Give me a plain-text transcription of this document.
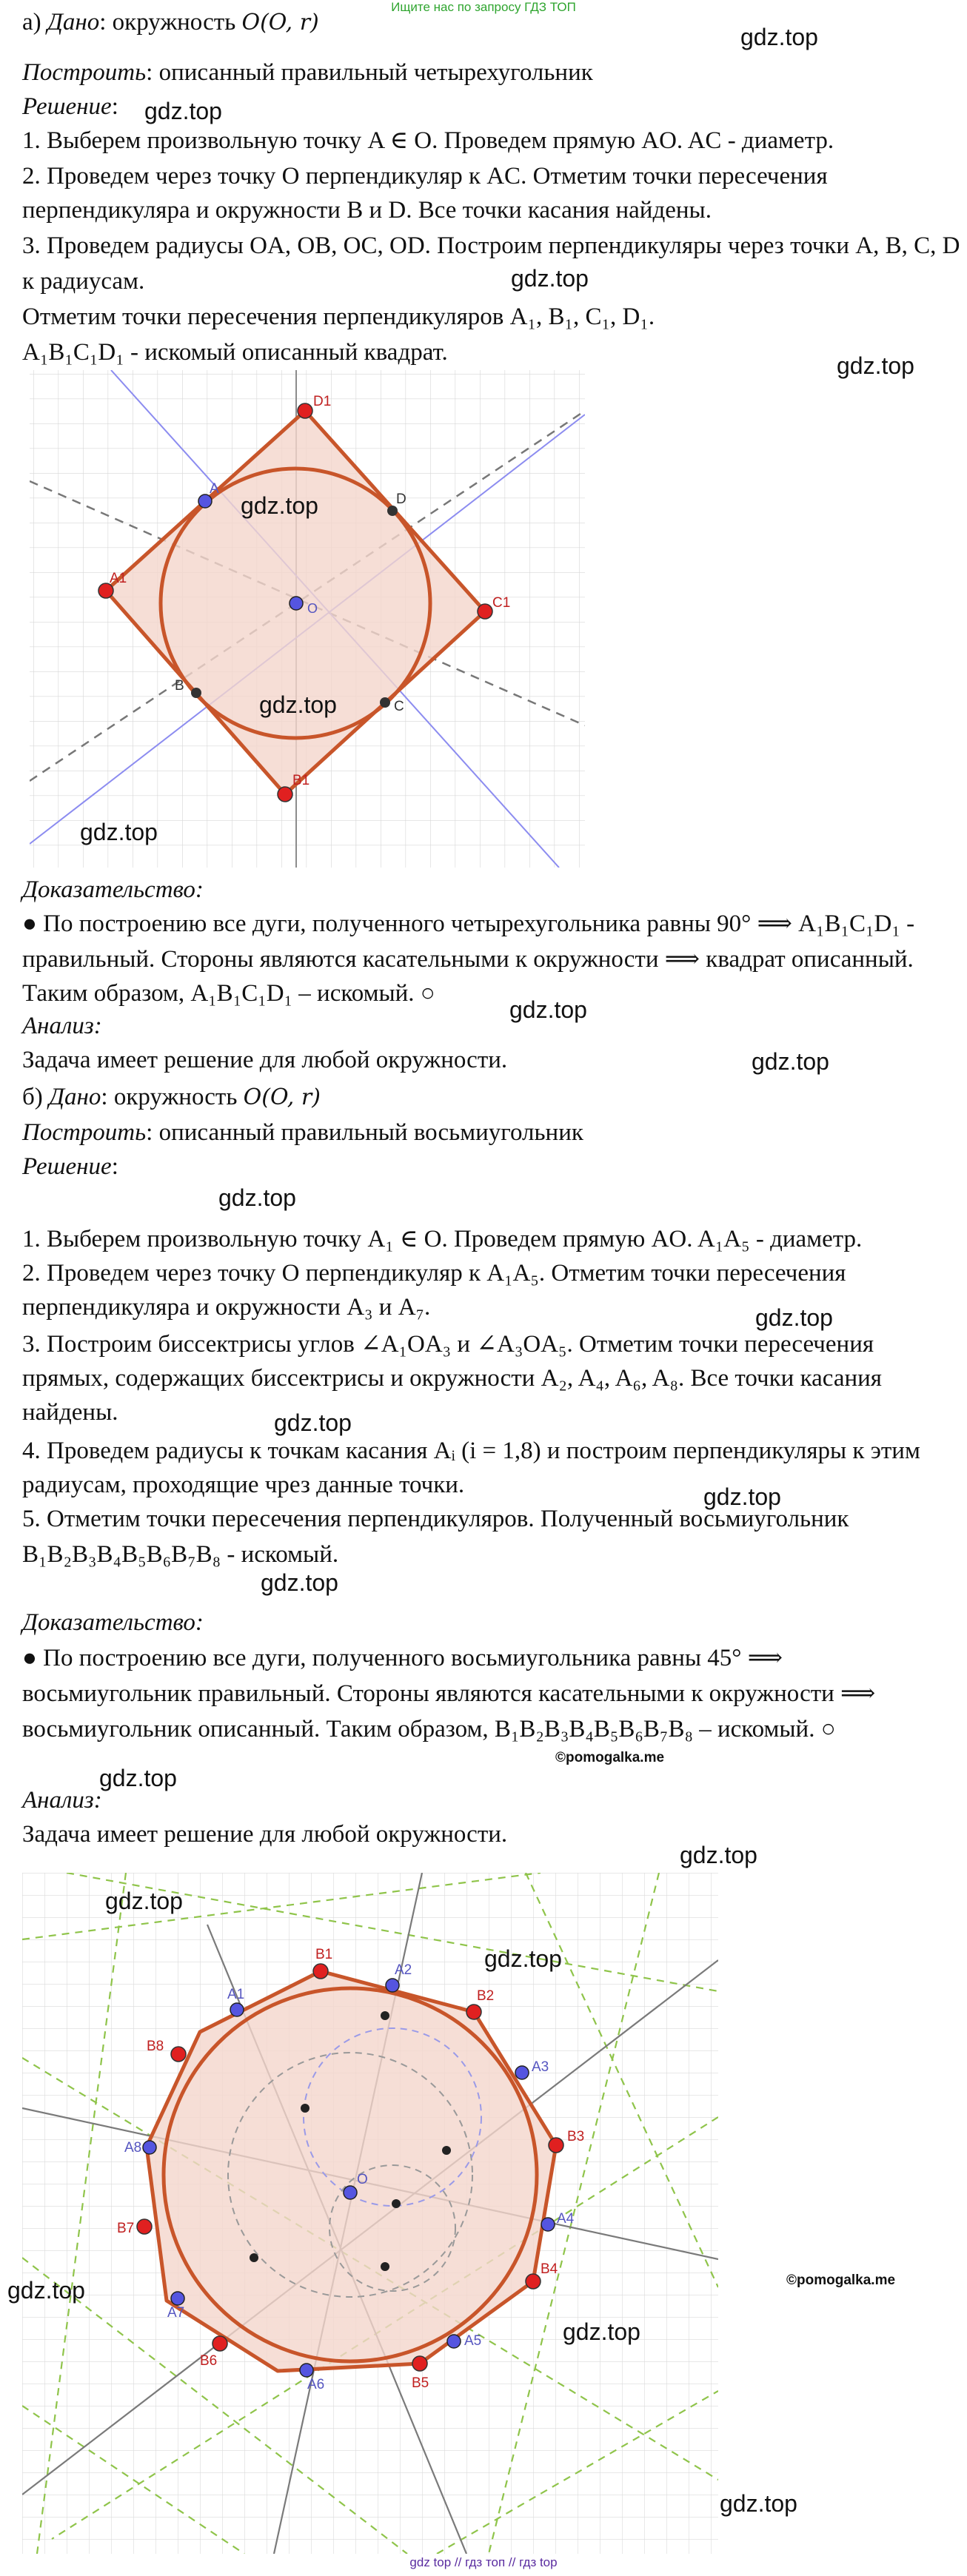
Ищите нас по запросу ГДЗ ТОП
а) Дано: окружность O(O, r)
Построить: описанный правильный четырехугольник
Решение:
1. Выберем произвольную точку A ∈ O. Проведем прямую AO. AC - диаметр.
2. Проведем через точку O перпендикуляр к AC. Отметим точки пересечения
перпендикуляра и окружности B и D. Все точки касания найдены.
3. Проведем радиусы OA, OB, OC, OD. Построим перпендикуляры через точки A, B, C, D
к радиусам.
Отметим точки пересечения перпендикуляров A₁, B₁, C₁, D₁.
A₁B₁C₁D₁ - искомый описанный квадрат.
O
A
D
B
C
D1
C1
B1
A1
Доказательство:
● По построению все дуги, полученного четырехугольника равны 90° ⟹ A₁B₁C₁D₁ -
правильный. Стороны являются касательными к окружности ⟹ квадрат описанный.
Таким образом, A₁B₁C₁D₁ – искомый. ○
Анализ:
Задача имеет решение для любой окружности.
б) Дано: окружность O(O, r)
Построить: описанный правильный восьмиугольник
Решение:
1. Выберем произвольную точку A₁ ∈ O. Проведем прямую AO. A₁A₅ - диаметр.
2. Проведем через точку O перпендикуляр к A₁A₅. Отметим точки пересечения
перпендикуляра и окружности A₃ и A₇.
3. Построим биссектрисы углов ∠A₁OA₃ и ∠A₃OA₅. Отметим точки пересечения
прямых, содержащих биссектрисы и окружности A₂, A₄, A₆, A₈. Все точки касания
найдены.
4. Проведем радиусы к точкам касания Aᵢ (i = 1,8) и построим перпендикуляры к этим
радиусам, проходящие чрез данные точки.
5. Отметим точки пересечения перпендикуляров. Полученный восьмиугольник
B₁B₂B₃B₄B₅B₆B₇B₈ - искомый.
Доказательство:
● По построению все дуги, полученного восьмиугольника равны 45° ⟹
восьмиугольник правильный. Стороны являются касательными к окружности ⟹
восьмиугольник описанный. Таким образом, B₁B₂B₃B₄B₅B₆B₇B₈ – искомый. ○
Анализ:
Задача имеет решение для любой окружности.
O
A1
A2
A3
A4
A5
A6
A7
A8
B1
B2
B3
B4
B5
B6
B7
B8
gdz.top
gdz.top
gdz.top
gdz.top
gdz.top
gdz.top
gdz.top
gdz.top
gdz.top
gdz.top
gdz.top
gdz.top
gdz.top
gdz.top
gdz.top
gdz.top
gdz.top
gdz.top
gdz.top
gdz.top
gdz.top
©pomogalka.me
©pomogalka.me
gdz top // гдз топ // гдз top
